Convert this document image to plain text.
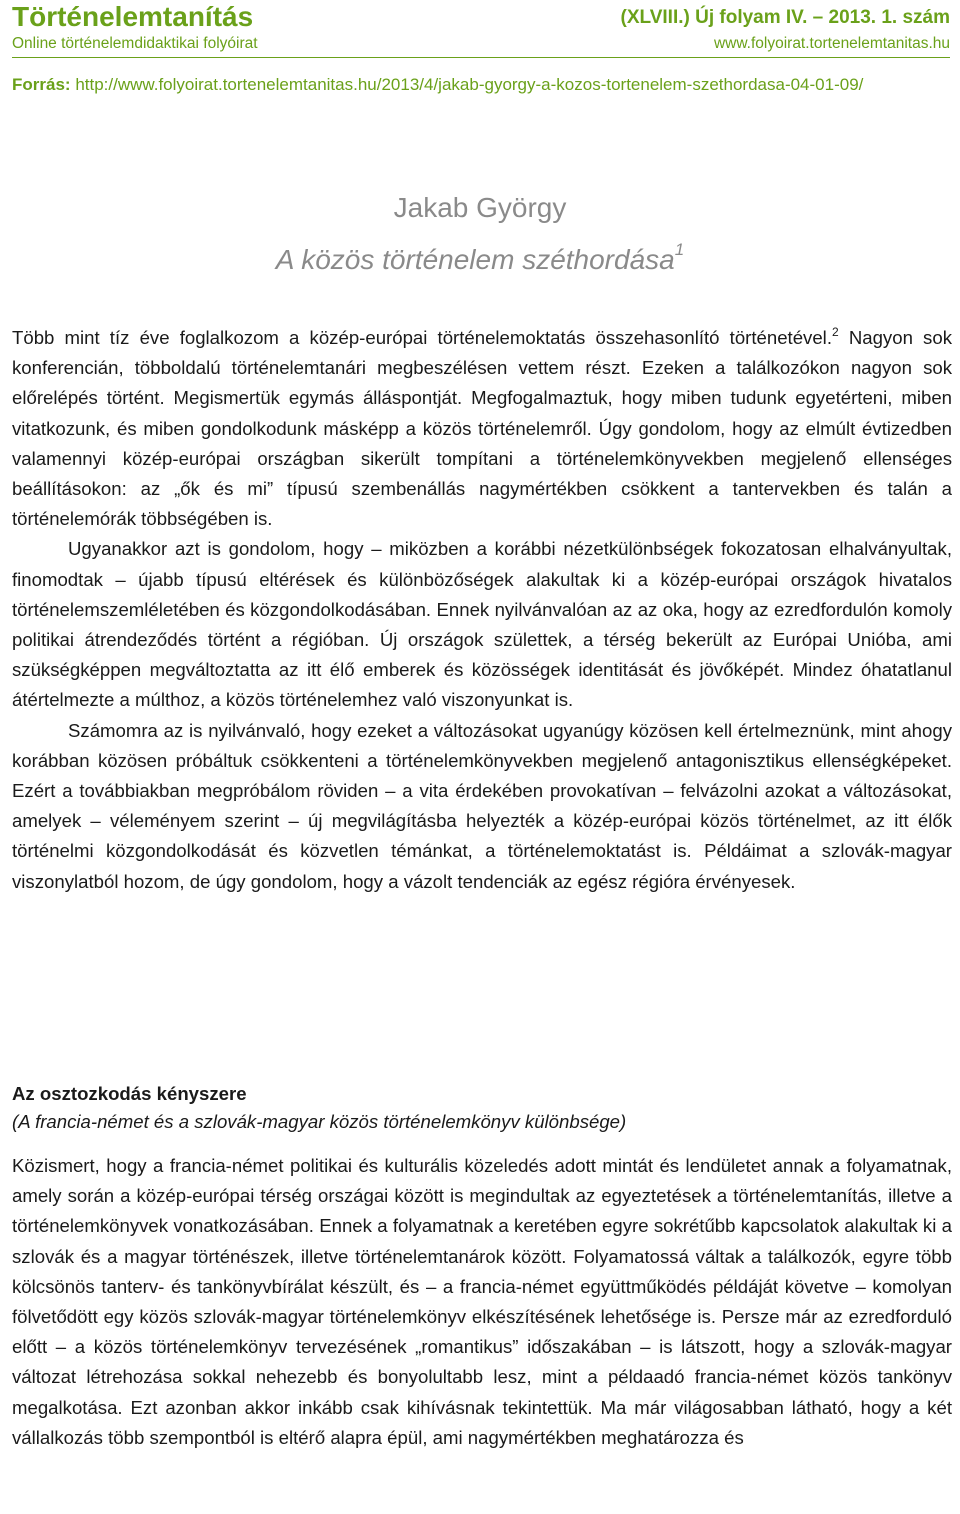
Történelemtanítás	(XLVIII.) Új folyam IV. – 2013. 1. szám
Online történelemdidaktikai folyóirat	www.folyoirat.tortenelemtanitas.hu
Forrás: http://www.folyoirat.tortenelemtanitas.hu/2013/4/jakab-gyorgy-a-kozos-tortenelem-szethordasa-04-01-09/
Jakab György
A közös történelem széthordása$^1$

Több mint tíz éve foglalkozom a közép-európai történelemoktatás összehasonlító történetével.$^2$ Nagyon sok konferencián, többoldalú történelemtanári megbeszélésen vettem részt. Ezeken a találkozókon nagyon sok előrelépés történt. Megismertük egymás álláspontját. Megfogalmaztuk, hogy miben tudunk egyetérteni, miben vitatkozunk, és miben gondolkodunk másképp a közös történelemről. Úgy gondolom, hogy az elmúlt évtizedben valamennyi közép-európai országban sikerült tompítani a történelemkönyvekben megjelenő ellenséges beállításokon: az „ők és mi” típusú szembenállás nagymértékben csökkent a tantervekben és talán a történelemórák többségében is.

Ugyanakkor azt is gondolom, hogy – miközben a korábbi nézetkülönbségek fokozatosan elhalványultak, finomodtak – újabb típusú eltérések és különbözőségek alakultak ki a közép-európai országok hivatalos történelemszemléletében és közgondolkodásában. Ennek nyilvánvalóan az az oka, hogy az ezredfordulón komoly politikai átrendeződés történt a régióban. Új országok születtek, a térség bekerült az Európai Unióba, ami szükségképpen megváltoztatta az itt élő emberek és közösségek identitását és jövőképét. Mindez óhatatlanul átértelmezte a múlthoz, a közös történelemhez való viszonyunkat is.

Számomra az is nyilvánvaló, hogy ezeket a változásokat ugyanúgy közösen kell értelmeznünk, mint ahogy korábban közösen próbáltuk csökkenteni a történelemkönyvekben megjelenő antagonisztikus ellenségképeket. Ezért a továbbiakban megpróbálom röviden – a vita érdekében provokatívan – felvázolni azokat a változásokat, amelyek – véleményem szerint – új megvilágításba helyezték a közép-európai közös történelmet, az itt élők történelmi közgondolkodását és közvetlen témánkat, a történelemoktatást is. Példáimat a szlovák-magyar viszonylatból hozom, de úgy gondolom, hogy a vázolt tendenciák az egész régióra érvényesek.

Az osztozkodás kényszere
(A francia-német és a szlovák-magyar közös történelemkönyv különbsége)

Közismert, hogy a francia-német politikai és kulturális közeledés adott mintát és lendületet annak a folyamatnak, amely során a közép-európai térség országai között is megindultak az egyeztetések a történelemtanítás, illetve a történelemkönyvek vonatkozásában. Ennek a folyamatnak a keretében egyre sokrétűbb kapcsolatok alakultak ki a szlovák és a magyar történészek, illetve történelemtanárok között. Folyamatossá váltak a találkozók, egyre több kölcsönös tanterv- és tankönyvbírálat készült, és – a francia-német együttműködés példáját követve – komolyan fölvetődött egy közös szlovák-magyar történelemkönyv elkészítésének lehetősége is. Persze már az ezredforduló előtt – a közös történelemkönyv tervezésének „romantikus” időszakában – is látszott, hogy a szlovák-magyar változat létrehozása sokkal nehezebb és bonyolultabb lesz, mint a példaadó francia-német közös tankönyv megalkotása. Ezt azonban akkor inkább csak kihívásnak tekintettük. Ma már világosabban látható, hogy a két vállalkozás több szempontból is eltérő alapra épül, ami nagymértékben meghatározza és
